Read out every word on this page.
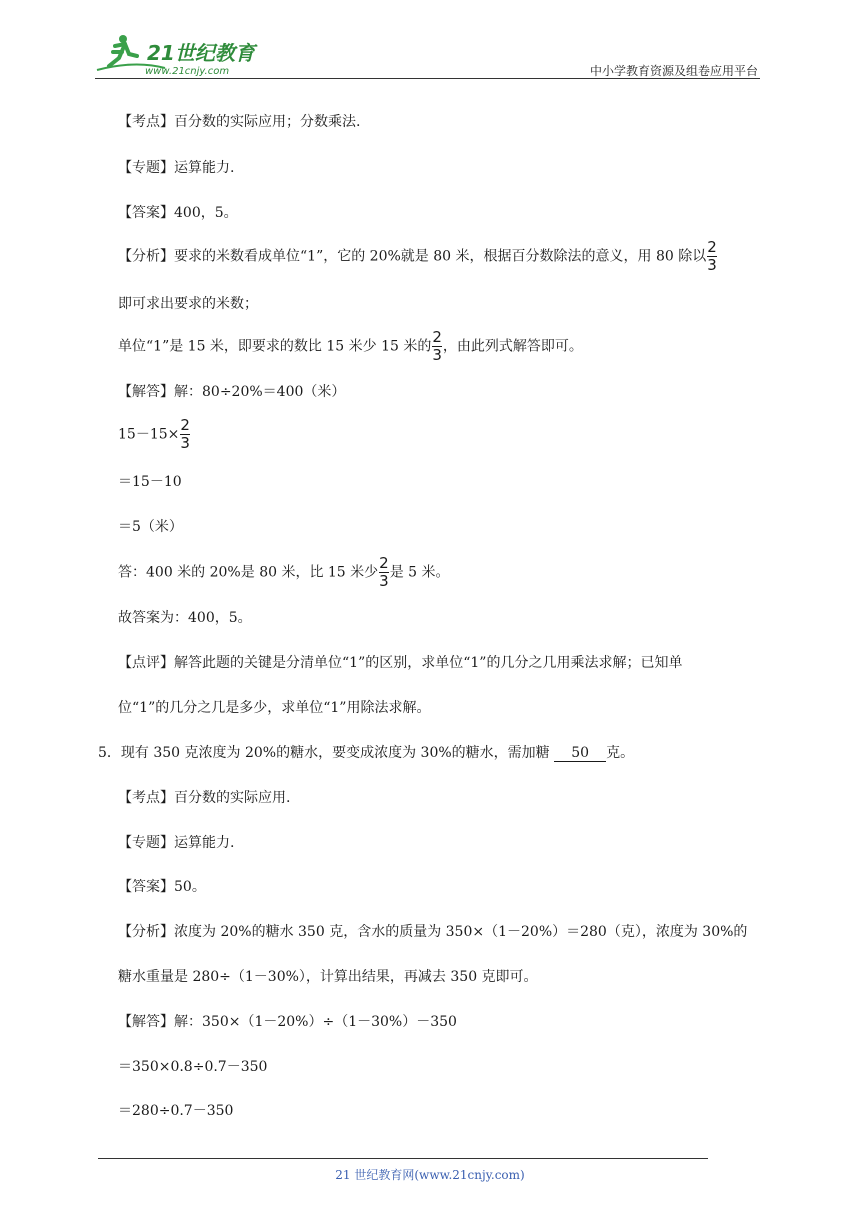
21世纪教育
www.21cnjy.com	中小学教育资源及组卷应用平台
【考点】百分数的实际应用；分数乘法.
【专题】运算能力.
【答案】400，5。
【分析】要求的米数看成单位“1”，它的 20%就是 80 米，根据百分数除法的意义，用 80 除以 $\frac{2}{3}$
即可求出要求的米数；
单位“1”是 15 米，即要求的数比 15 米少 15 米的 $\frac{2}{3}$ ，由此列式解答即可。
【解答】解：80÷20%＝400（米）
$15-15\times \frac{2}{3}$
＝15－10
＝5（米）
答：400 米的 20%是 80 米，比 15 米少 $\frac{2}{3}$ 是 5 米。
故答案为：400，5。
【点评】解答此题的关键是分清单位“1”的区别，求单位“1”的几分之几用乘法求解；已知单
位“1”的几分之几是多少，求单位“1”用除法求解。
5．现有 350 克浓度为 20%的糖水，要变成浓度为 30%的糖水，需加糖 50 克。
【考点】百分数的实际应用.
【专题】运算能力.
【答案】50。
【分析】浓度为 20%的糖水 350 克，含水的质量为 350×（1－20%）＝280（克），浓度为 30%的
糖水重量是 280÷（1－30%），计算出结果，再减去 350 克即可。
【解答】解：350×（1－20%）÷（1－30%）－350
＝350×0.8÷0.7－350
＝280÷0.7－350
21 世纪教育网(www.21cnjy.com)
